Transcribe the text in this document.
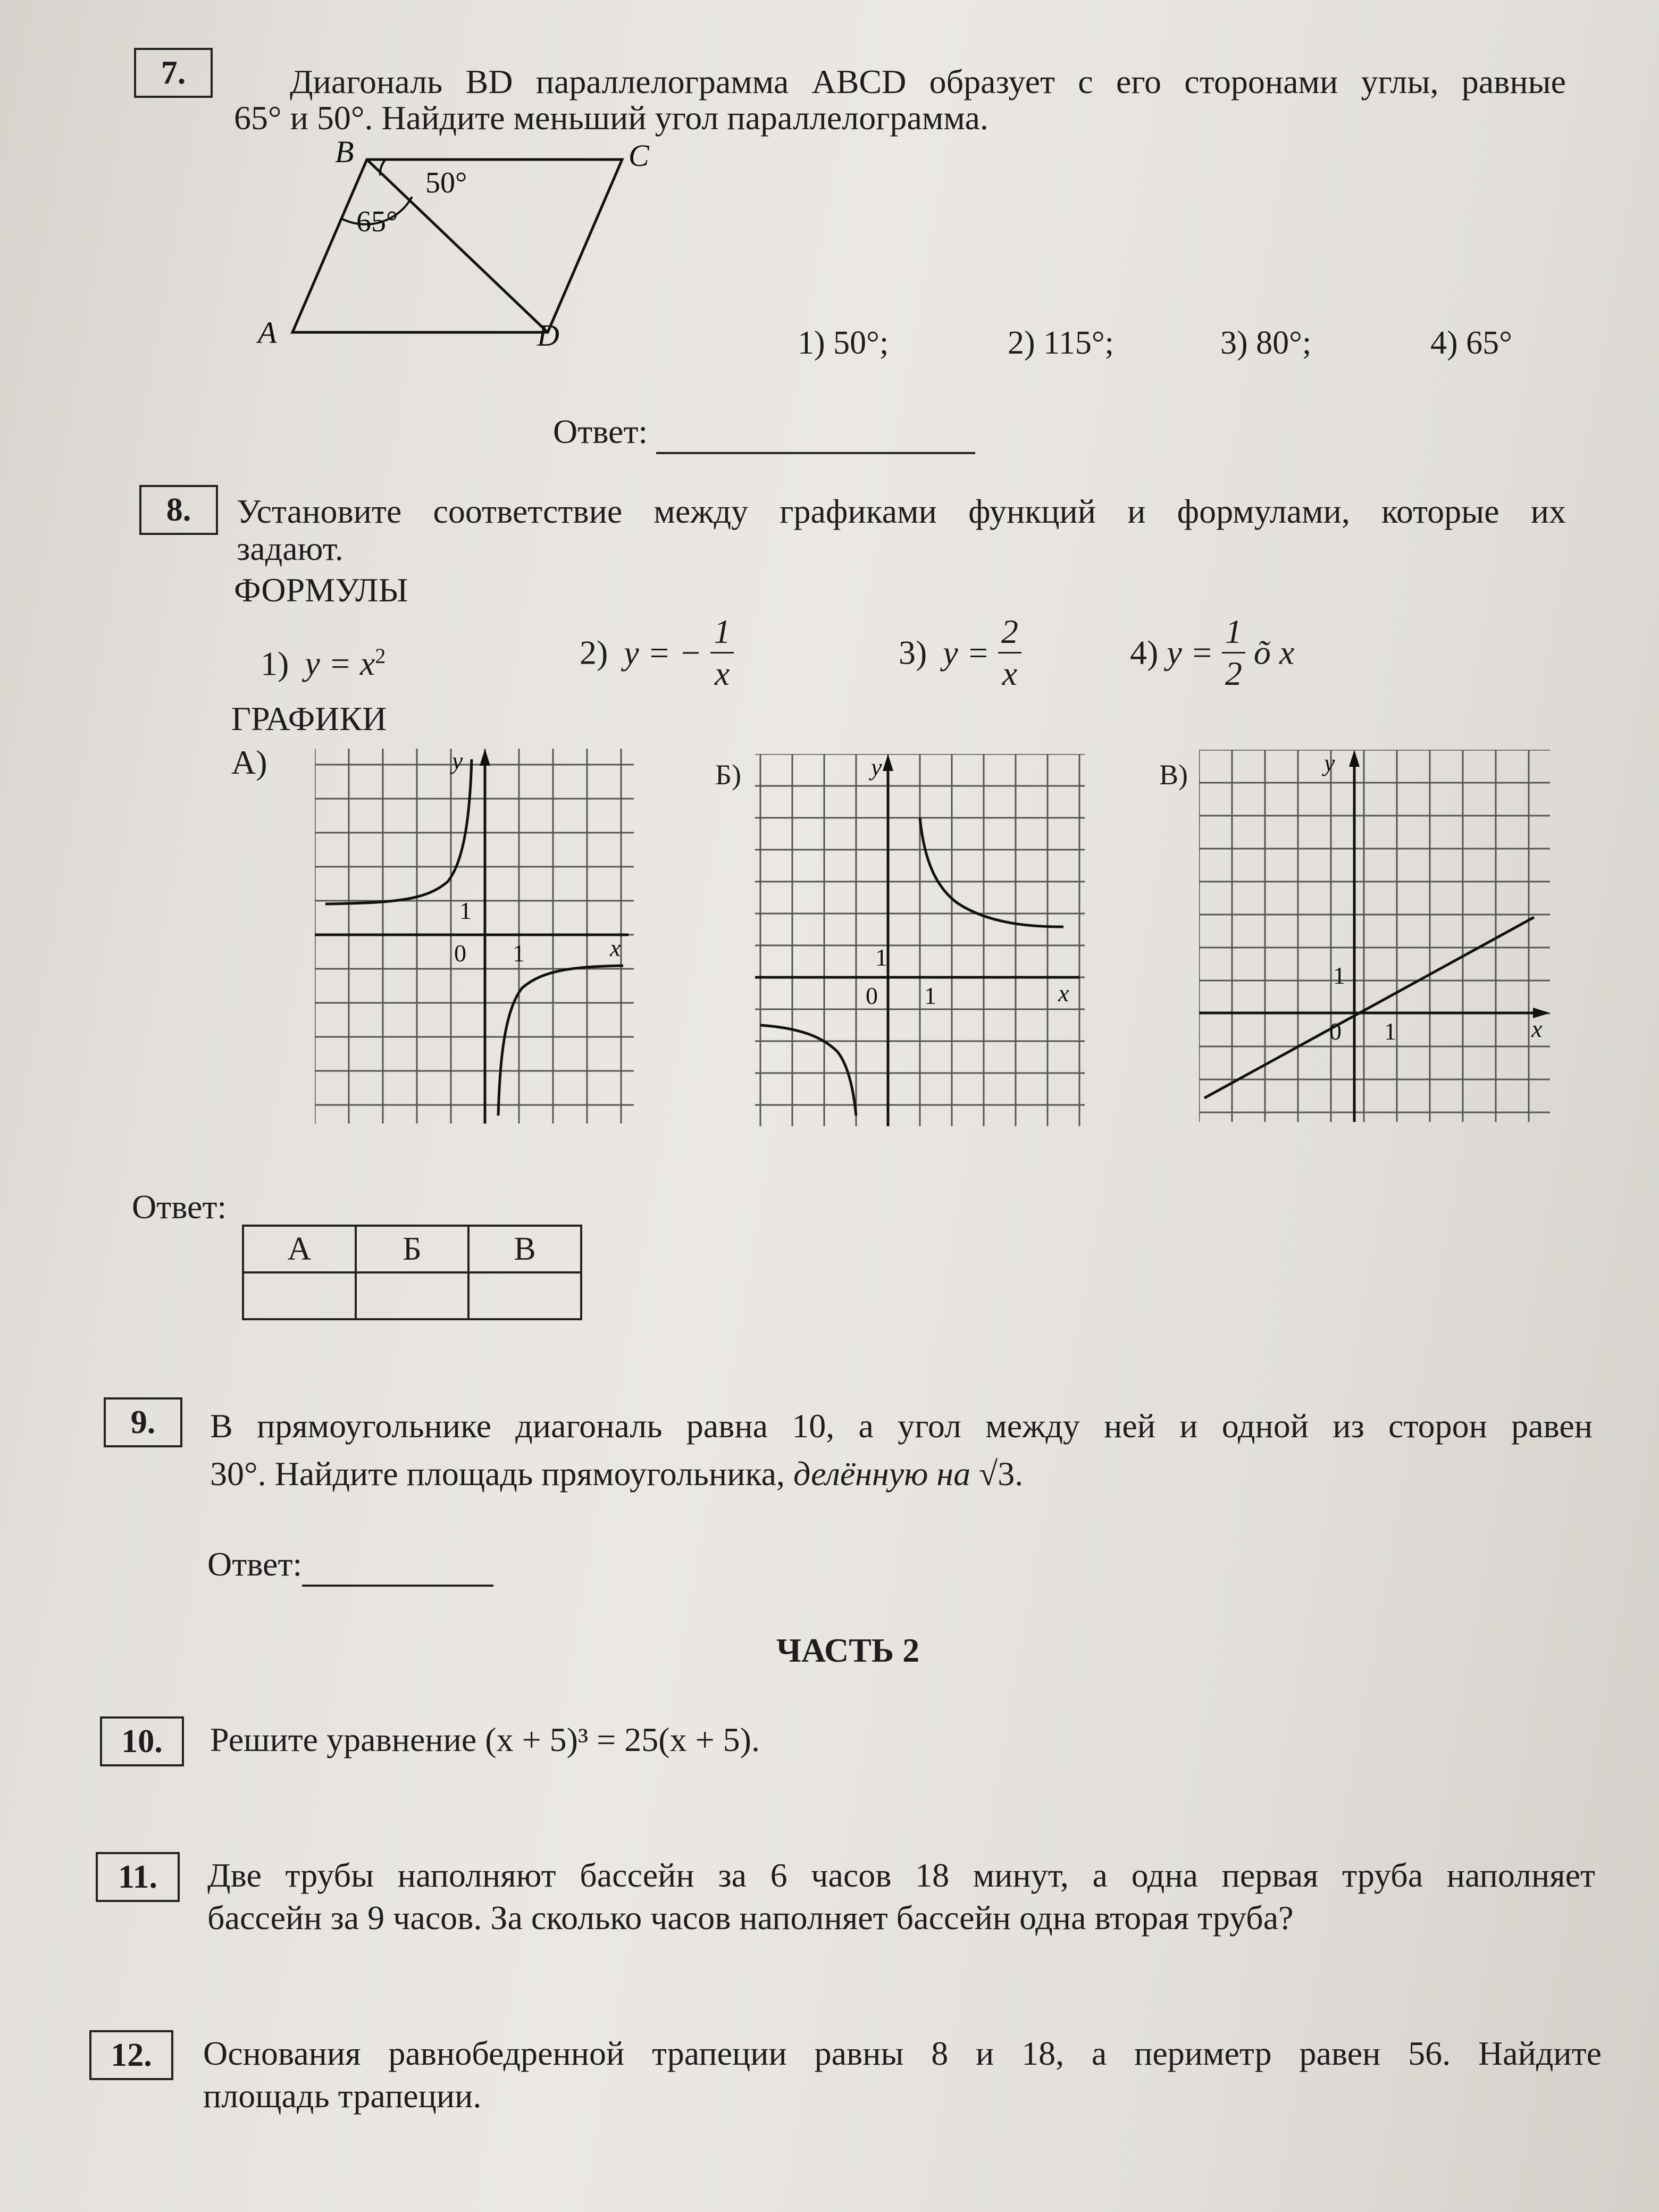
7.	Диагональ BD параллелограмма ABCD образует с его сторонами углы, равные
65° и 50°. Найдите меньший угол параллелограмма.
B	C
A	D
50°
65°
1) 50°;	2) 115°;	3) 80°;	4) 65°
Ответ:
8.	Установите соответствие между графиками функций и формулами, которые их
задают.
ФОРМУЛЫ
1) $y = x^2$	2) y = − $\frac{1}{x}$	3) $y = \frac{2}{x}$	4) $y = \frac{1}{2}$ õ x
ГРАФИКИ
А)	y
x
0 1
1
Б)	y
x
0 1
1
В)	y
x
0 1
1
Ответ:
А	Б	В

9.	В прямоугольнике диагональ равна 10, а угол между ней и одной из сторон равен
30°. Найдите площадь прямоугольника, делённую на √3.
Ответ:
ЧАСТЬ 2
10.	Решите уравнение (x + 5)³ = 25(x + 5).
11.	Две трубы наполняют бассейн за 6 часов 18 минут, а одна первая труба наполняет
бассейн за 9 часов. За сколько часов наполняет бассейн одна вторая труба?
12.	Основания равнобедренной трапеции равны 8 и 18, а периметр равен 56. Найдите
площадь трапеции.
